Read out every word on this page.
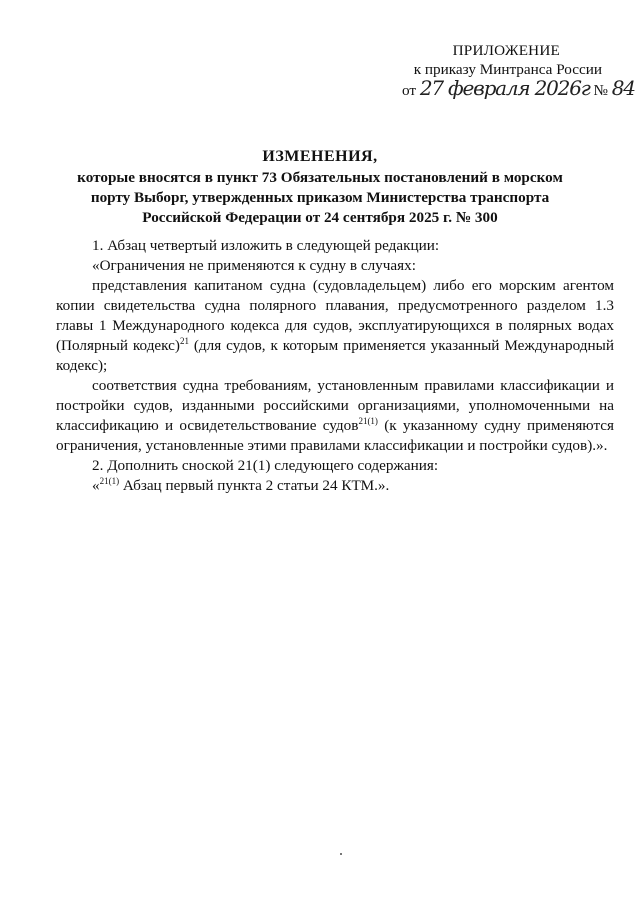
ПРИЛОЖЕНИЕ
к приказу Минтранса России
от 27 февраля 2026г № 84
ИЗМЕНЕНИЯ,
которые вносятся в пункт 73 Обязательных постановлений в морском порту Выборг, утвержденных приказом Министерства транспорта Российской Федерации от 24 сентября 2025 г. № 300

1. Абзац четвертый изложить в следующей редакции:

«Ограничения не применяются к судну в случаях:

представления капитаном судна (судовладельцем) либо его морским агентом копии свидетельства судна полярного плавания, предусмотренного разделом 1.3 главы 1 Международного кодекса для судов, эксплуатирующихся в полярных водах (Полярный кодекс)$^{21}$ (для судов, к которым применяется указанный Международный кодекс);

соответствия судна требованиям, установленным правилами классификации и постройки судов, изданными российскими организациями, уполномоченными на классификацию и освидетельствование судов$^{21(1)}$ (к указанному судну применяются ограничения, установленные этими правилами классификации и постройки судов).».

2. Дополнить сноской 21(1) следующего содержания:

«$^{21(1)}$ Абзац первый пункта 2 статьи 24 КТМ.».
